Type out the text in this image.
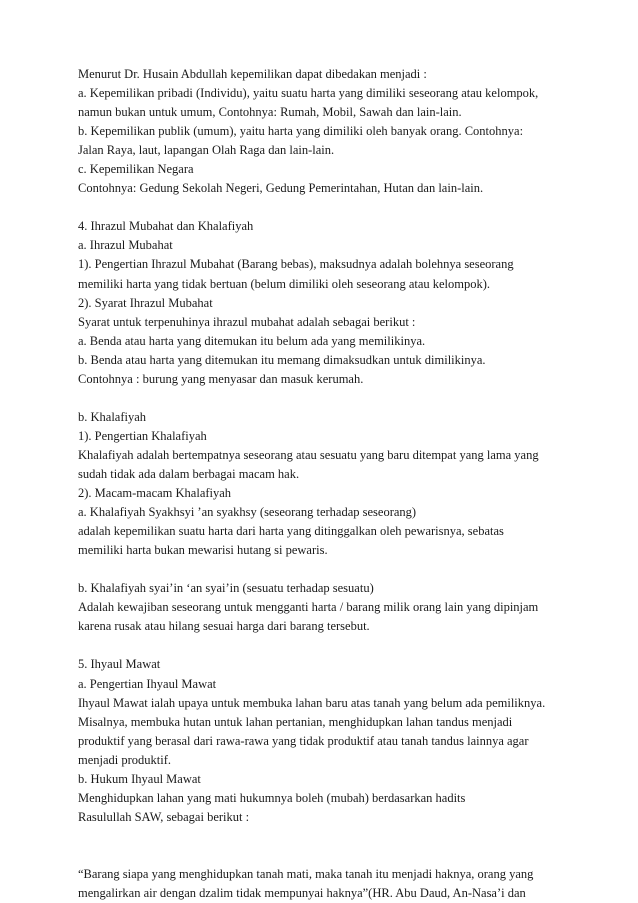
Menurut Dr. Husain Abdullah kepemilikan dapat dibedakan menjadi :
a. Kepemilikan pribadi (Individu), yaitu suatu harta yang dimiliki seseorang atau kelompok,
namun bukan untuk umum, Contohnya: Rumah, Mobil, Sawah dan lain-lain.
b. Kepemilikan publik (umum), yaitu harta yang dimiliki oleh banyak orang. Contohnya:
Jalan Raya, laut, lapangan Olah Raga dan lain-lain.
c. Kepemilikan Negara
Contohnya: Gedung Sekolah Negeri, Gedung Pemerintahan, Hutan dan lain-lain.
4. Ihrazul Mubahat dan Khalafiyah
a. Ihrazul Mubahat
1). Pengertian Ihrazul Mubahat (Barang bebas), maksudnya adalah bolehnya seseorang
memiliki harta yang tidak bertuan (belum dimiliki oleh seseorang atau kelompok).
2). Syarat Ihrazul Mubahat
Syarat untuk terpenuhinya ihrazul mubahat adalah sebagai berikut :
a. Benda atau harta yang ditemukan itu belum ada yang memilikinya.
b. Benda atau harta yang ditemukan itu memang dimaksudkan untuk dimilikinya.
Contohnya : burung yang menyasar dan masuk kerumah.
b. Khalafiyah
1). Pengertian Khalafiyah
Khalafiyah adalah bertempatnya seseorang atau sesuatu yang baru ditempat yang lama yang
sudah tidak ada dalam berbagai macam hak.
2). Macam-macam Khalafiyah
a. Khalafiyah Syakhsyi ’an syakhsy (seseorang terhadap seseorang)
adalah kepemilikan suatu harta dari harta yang ditinggalkan oleh pewarisnya, sebatas
memiliki harta bukan mewarisi hutang si pewaris.
b. Khalafiyah syai’in ‘an syai’in (sesuatu terhadap sesuatu)
Adalah kewajiban seseorang untuk mengganti harta / barang milik orang lain yang dipinjam
karena rusak atau hilang sesuai harga dari barang tersebut.
5. Ihyaul Mawat
a. Pengertian Ihyaul Mawat
Ihyaul Mawat ialah upaya untuk membuka lahan baru atas tanah yang belum ada pemiliknya.
Misalnya, membuka hutan untuk lahan pertanian, menghidupkan lahan tandus menjadi
produktif yang berasal dari rawa-rawa yang tidak produktif atau tanah tandus lainnya agar
menjadi produktif.
b. Hukum Ihyaul Mawat
Menghidupkan lahan yang mati hukumnya boleh (mubah) berdasarkan hadits
Rasulullah SAW, sebagai berikut :
“Barang siapa yang menghidupkan tanah mati, maka tanah itu menjadi haknya, orang yang
mengalirkan air dengan dzalim tidak mempunyai haknya”(HR. Abu Daud, An-Nasa’i dan
